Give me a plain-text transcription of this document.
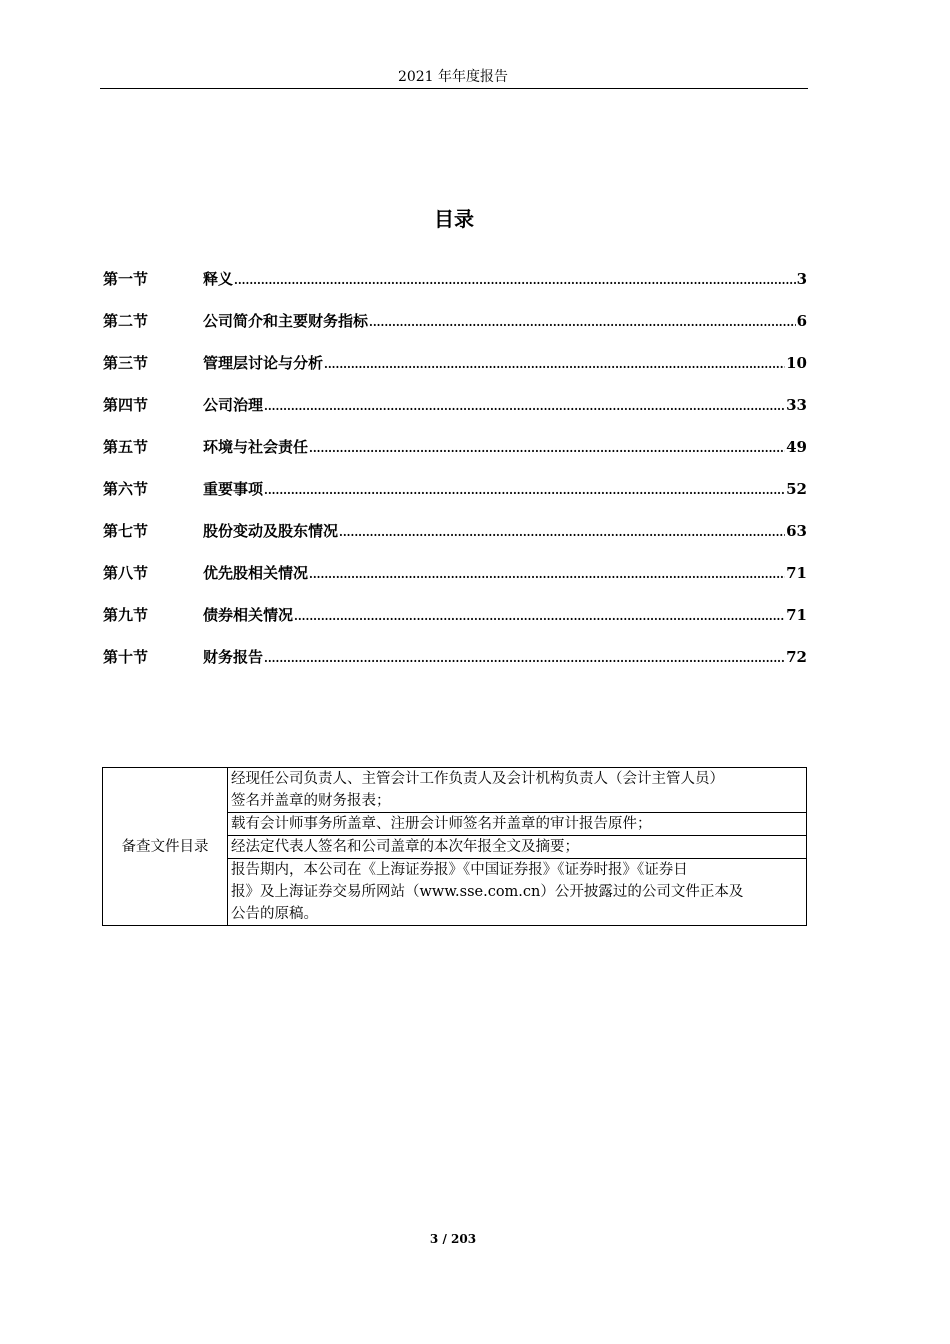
2021 年年度报告
目录
第一节	释义 .....	3
第二节	公司简介和主要财务指标 .....	6
第三节	管理层讨论与分析 .....	10
第四节	公司治理 .....	33
第五节	环境与社会责任 .....	49
第六节	重要事项 .....	52
第七节	股份变动及股东情况 .....	63
第八节	优先股相关情况 .....	71
第九节	债券相关情况 .....	71
第十节	财务报告 .....	72
备查文件目录	
经现任公司负责人、主管会计工作负责人及会计机构负责人（会计主管人员）
签名并盖章的财务报表；

载有会计师事务所盖章、注册会计师签名并盖章的审计报告原件；

经法定代表人签名和公司盖章的本次年报全文及摘要；

报告期内，本公司在《上海证券报》《中国证券报》《证券时报》《证券日
报》及上海证券交易所网站（www.sse.com.cn）公开披露过的公司文件正本及
公告的原稿。
3 / 203
